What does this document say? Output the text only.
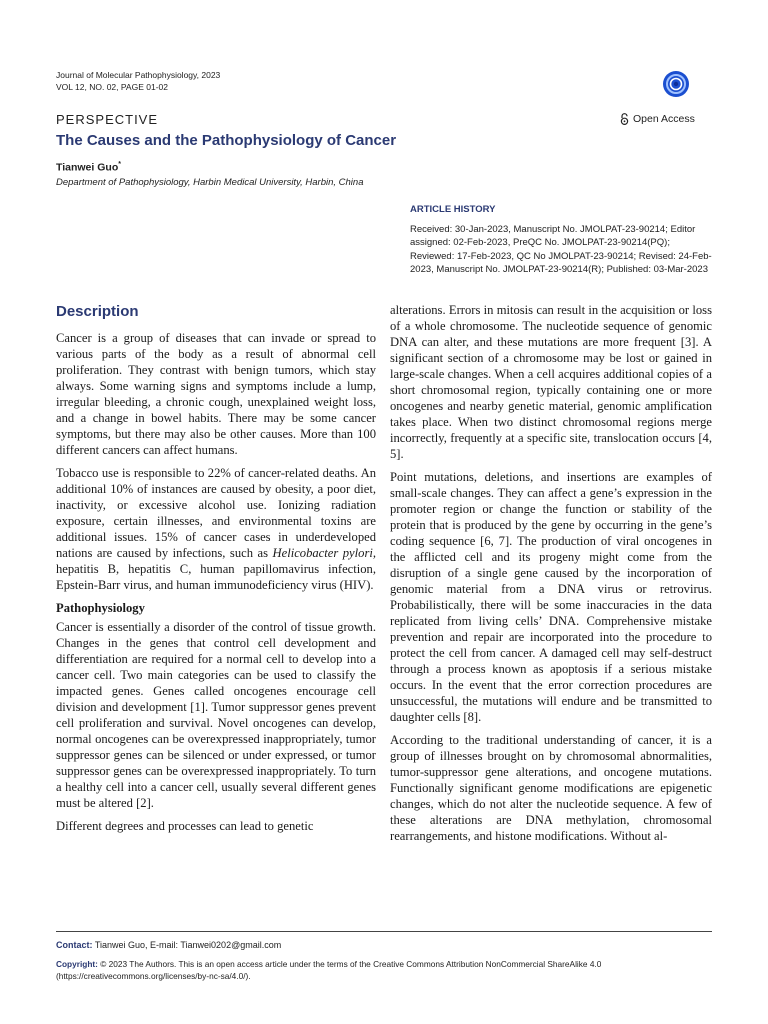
Journal of Molecular Pathophysiology, 2023
VOL 12, NO. 02, PAGE 01-02
PERSPECTIVE	Open Access
The Causes and the Pathophysiology of Cancer
Tianwei Guo*
Department of Pathophysiology, Harbin Medical University, Harbin, China
ARTICLE HISTORY
Received: 30-Jan-2023, Manuscript No. JMOLPAT-23-90214; Editor assigned: 02-Feb-2023, PreQC No. JMOLPAT-23-90214(PQ); Reviewed: 17-Feb-2023, QC No JMOLPAT-23-90214; Revised: 24-Feb-2023, Manuscript No. JMOLPAT-23-90214(R); Published: 03-Mar-2023
Description

Cancer is a group of diseases that can invade or spread to various parts of the body as a result of abnormal cell proliferation. They contrast with benign tumors, which stay always. Some warning signs and symptoms include a lump, irregular bleeding, a chronic cough, unexplained weight loss, and a change in bowel habits. There may be some cancer symptoms, but there may also be other causes. More than 100 different cancers can affect humans.

Tobacco use is responsible to 22% of cancer-related deaths. An additional 10% of instances are caused by obesity, a poor diet, inactivity, or excessive alcohol use. Ionizing radiation exposure, certain illnesses, and environmental toxins are additional issues. 15% of cancer cases in underdeveloped nations are caused by infections, such as Helicobacter pylori, hepatitis B, hepatitis C, human papillomavirus infection, Epstein-Barr virus, and human immunodeficiency virus (HIV).

Pathophysiology

Cancer is essentially a disorder of the control of tissue growth. Changes in the genes that control cell development and differentiation are required for a normal cell to develop into a cancer cell. Two main categories can be used to classify the impacted genes. Genes called oncogenes encourage cell division and development [1]. Tumor suppressor genes prevent cell proliferation and survival. Novel oncogenes can develop, normal oncogenes can be overexpressed inappropriately, tumor suppressor genes can be silenced or under expressed, or tumor suppressor genes can be overexpressed inappropriately. To turn a healthy cell into a cancer cell, usually several different genes must be altered [2].

Different degrees and processes can lead to genetic

alterations. Errors in mitosis can result in the acquisition or loss of a whole chromosome. The nucleotide sequence of genomic DNA can alter, and these mutations are more frequent [3]. A significant section of a chromosome may be lost or gained in large-scale changes. When a cell acquires additional copies of a short chromosomal region, typically containing one or more oncogenes and nearby genetic material, genomic amplification takes place. When two distinct chromosomal regions merge incorrectly, frequently at a specific site, translocation occurs [4, 5].

Point mutations, deletions, and insertions are examples of small-scale changes. They can affect a gene’s expression in the promoter region or change the function or stability of the protein that is produced by the gene by occurring in the gene’s coding sequence [6, 7]. The production of viral oncogenes in the afflicted cell and its progeny might come from the disruption of a single gene caused by the incorporation of genomic material from a DNA virus or retrovirus. Probabilistically, there will be some inaccuracies in the data replicated from living cells’ DNA. Comprehensive mistake prevention and repair are incorporated into the procedure to protect the cell from cancer. A damaged cell may self-destruct through a process known as apoptosis if a serious mistake occurs. In the event that the error correction procedures are unsuccessful, the mutations will endure and be transmitted to daughter cells [8].

According to the traditional understanding of cancer, it is a group of illnesses brought on by chromosomal abnormalities, tumor-suppressor gene alterations, and oncogene mutations. Functionally significant genome modifications are epigenetic changes, which do not alter the nucleotide sequence. A few of these alterations are DNA methylation, chromosomal rearrangements, and histone modifications. Without al-

Contact: Tianwei Guo, E-mail: Tianwei0202@gmail.com
Copyright: © 2023 The Authors. This is an open access article under the terms of the Creative Commons Attribution NonCommercial ShareAlike 4.0 (https://creativecommons.org/licenses/by-nc-sa/4.0/).
